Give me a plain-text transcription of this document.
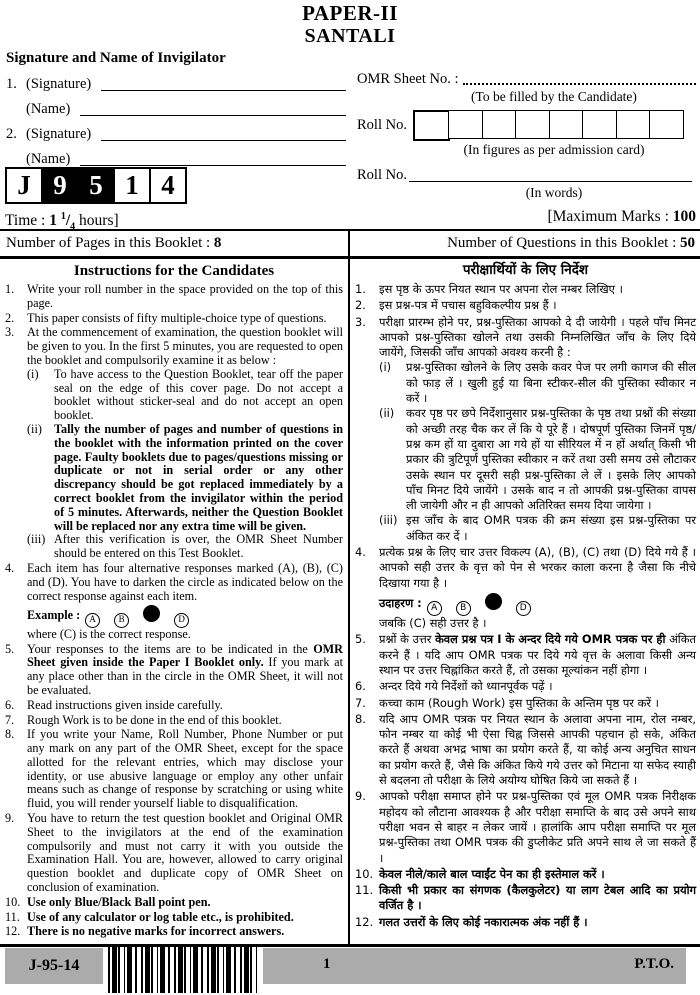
PAPER-II
SANTALI
Signature and Name of Invigilator
1. (Signature)
(Name)
2. (Signature)
(Name)
OMR Sheet No. :
(To be filled by the Candidate)
Roll No.
(In figures as per admission card)
Roll No.
(In words)
J 9 5 1 4
Time : 1 $^1/_4$ hours]	[Maximum Marks : 100
Number of Pages in this Booklet : 8	Number of Questions in this Booklet : 50
Instructions for the Candidates
1.	Write your roll number in the space provided on the top of this page.
2.	This paper consists of fifty multiple-choice type of questions.
3.	At the commencement of examination, the question booklet will be given to you. In the first 5 minutes, you are requested to open the booklet and compulsorily examine it as below :
(i)	To have access to the Question Booklet, tear off the paper seal on the edge of this cover page. Do not accept a booklet without sticker-seal and do not accept an open booklet.
(ii) Tally the number of pages and number of questions in the booklet with the information printed on the cover page. Faulty booklets due to pages/questions missing or duplicate or not in serial order or any other discrepancy should be got replaced immediately by a correct booklet from the invigilator within the period of 5 minutes. Afterwards, neither the Question Booklet will be replaced nor any extra time will be given.
(iii) After this verification is over, the OMR Sheet Number should be entered on this Test Booklet.
4.	Each item has four alternative responses marked (A), (B), (C) and (D). You have to darken the circle as indicated below on the correct response against each item.
Example : A	B	D
where (C) is the correct response.
5.	Your responses to the items are to be indicated in the OMR Sheet given inside the Paper I Booklet only. If you mark at any place other than in the circle in the OMR Sheet, it will not be evaluated.
6.	Read instructions given inside carefully.
7.	Rough Work is to be done in the end of this booklet.
8.	If you write your Name, Roll Number, Phone Number or put any mark on any part of the OMR Sheet, except for the space allotted for the relevant entries, which may disclose your identity, or use abusive language or employ any other unfair means such as change of response by scratching or using white fluid, you will render yourself liable to disqualification.
9.	You have to return the test question booklet and Original OMR Sheet to the invigilators at the end of the examination compulsorily and must not carry it with you outside the Examination Hall. You are, however, allowed to carry original question booklet and duplicate copy of OMR Sheet on conclusion of examination.
10. Use only Blue/Black Ball point pen.
11. Use of any calculator or log table etc., is prohibited.
12. There is no negative marks for incorrect answers.
परीक्षार्थियों के लिए निर्देश
1.	इस पृष्ठ के ऊपर नियत स्थान पर अपना रोल नम्बर लिखिए ।
2.	इस प्रश्न-पत्र में पचास बहुविकल्पीय प्रश्न हैं ।
3.	परीक्षा प्रारम्भ होने पर, प्रश्न-पुस्तिका आपको दे दी जायेगी । पहले पाँच मिनट आपको प्रश्न-पुस्तिका खोलने तथा उसकी निम्नलिखित जाँच के लिए दिये जायेंगे, जिसकी जाँच आपको अवश्य करनी है :
(i)	प्रश्न-पुस्तिका खोलने के लिए उसके कवर पेज पर लगी कागज की सील को फाड़ लें । खुली हुई या बिना स्टीकर-सील की पुस्तिका स्वीकार न करें ।
(ii)	कवर पृष्ठ पर छपे निर्देशानुसार प्रश्न-पुस्तिका के पृष्ठ तथा प्रश्नों की संख्या को अच्छी तरह चैक कर लें कि ये पूरे हैं । दोषपूर्ण पुस्तिका जिनमें पृष्ठ/प्रश्न कम हों या दुबारा आ गये हों या सीरियल में न हों अर्थात् किसी भी प्रकार की त्रुटिपूर्ण पुस्तिका स्वीकार न करें तथा उसी समय उसे लौटाकर उसके स्थान पर दूसरी सही प्रश्न-पुस्तिका ले लें । इसके लिए आपको पाँच मिनट दिये जायेंगे । उसके बाद न तो आपकी प्रश्न-पुस्तिका वापस ली जायेगी और न ही आपको अतिरिक्त समय दिया जायेगा ।
(iii) इस जाँच के बाद OMR पत्रक की क्रम संख्या इस प्रश्न-पुस्तिका पर अंकित कर दें ।
4.	प्रत्येक प्रश्न के लिए चार उत्तर विकल्प (A), (B), (C) तथा (D) दिये गये हैं । आपको सही उत्तर के वृत्त को पेन से भरकर काला करना है जैसा कि नीचे दिखाया गया है ।
उदाहरण : A	B	D
जबकि (C) सही उत्तर है ।
5.	प्रश्नों के उत्तर केवल प्रश्न पत्र I के अन्दर दिये गये OMR पत्रक पर ही अंकित करने हैं । यदि आप OMR पत्रक पर दिये गये वृत्त के अलावा किसी अन्य स्थान पर उत्तर चिह्नांकित करते हैं, तो उसका मूल्यांकन नहीं होगा ।
6.	अन्दर दिये गये निर्देशों को ध्यानपूर्वक पढ़ें ।
7.	कच्चा काम (Rough Work) इस पुस्तिका के अन्तिम पृष्ठ पर करें ।
8.	यदि आप OMR पत्रक पर नियत स्थान के अलावा अपना नाम, रोल नम्बर, फोन नम्बर या कोई भी ऐसा चिह्न जिससे आपकी पहचान हो सके, अंकित करते हैं अथवा अभद्र भाषा का प्रयोग करते हैं, या कोई अन्य अनुचित साधन का प्रयोग करते हैं, जैसे कि अंकित किये गये उत्तर को मिटाना या सफेद स्याही से बदलना तो परीक्षा के लिये अयोग्य घोषित किये जा सकते हैं ।
9.	आपको परीक्षा समाप्त होने पर प्रश्न-पुस्तिका एवं मूल OMR पत्रक निरीक्षक महोदय को लौटाना आवश्यक है और परीक्षा समाप्ति के बाद उसे अपने साथ परीक्षा भवन से बाहर न लेकर जायें । हालांकि आप परीक्षा समाप्ति पर मूल प्रश्न-पुस्तिका तथा OMR पत्रक की डुप्लीकेट प्रति अपने साथ ले जा सकते हैं ।
10. केवल नीले/काले बाल प्वाईंट पेन का ही इस्तेमाल करें ।
11. किसी भी प्रकार का संगणक (कैलकुलेटर) या लाग टेबल आदि का प्रयोग वर्जित है ।
12. गलत उत्तरों के लिए कोई नकारात्मक अंक नहीं हैं ।
J-95-14	1	P.T.O.
